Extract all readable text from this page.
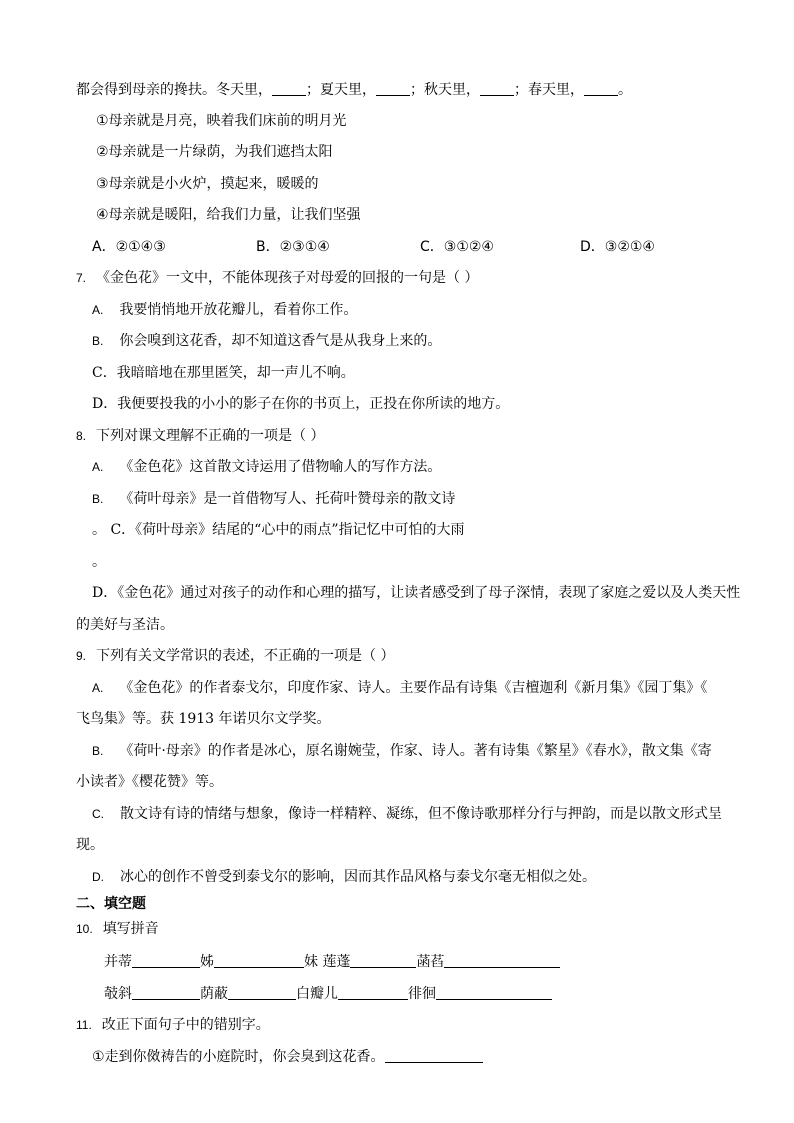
都会得到母亲的搀扶。冬天里， ；夏天里， ；秋天里， ；春天里， 。
①母亲就是月亮，映着我们床前的明月光
②母亲就是一片绿荫，为我们遮挡太阳
③母亲就是小火炉，摸起来，暖暖的
④母亲就是暖阳，给我们力量，让我们坚强
A．②①④③	B．②③①④	C．③①②④	D．③②①④
7. 《金色花》一文中，不能体现孩子对母爱的回报的一句是（ ）
A. 我要悄悄地开放花瓣儿，看着你工作。
B. 你会嗅到这花香，却不知道这香气是从我身上来的。
C．我暗暗地在那里匿笑，却一声儿不响。
D．我便要投我的小小的影子在你的书页上，正投在你所读的地方。
8. 下列对课文理解不正确的一项是（ ）
A. 《金色花》这首散文诗运用了借物喻人的写作方法。
B. 《荷叶母亲》是一首借物写人、托荷叶赞母亲的散文诗
。 C．《荷叶母亲》结尾的“心中的雨点”指记忆中可怕的大雨
。
D．《金色花》通过对孩子的动作和心理的描写，让读者感受到了母子深情，表现了家庭之爱以及人类天性
的美好与圣洁。
9. 下列有关文学常识的表述，不正确的一项是（ ）
A. 《金色花》的作者泰戈尔，印度作家、诗人。主要作品有诗集《吉檀迦利《新月集》《园丁集》《
飞鸟集》等。获 1913 年诺贝尔文学奖。
B. 《荷叶·母亲》的作者是冰心，原名谢婉莹，作家、诗人。著有诗集《繁星》《春水》，散文集《寄
小读者》《樱花赞》等。
C. 散文诗有诗的情绪与想象，像诗一样精粹、凝练，但不像诗歌那样分行与押韵，而是以散文形式呈
现。
D. 冰心的创作不曾受到泰戈尔的影响，因而其作品风格与泰戈尔毫无相似之处。
二、填空题
10. 填写拼音
并蒂	姊	妹 莲蓬	菡萏
攲斜	荫蔽	白瓣儿	徘徊
11. 改正下面句子中的错别字。
①走到你傚祷告的小庭院时，你会臭到这花香。
